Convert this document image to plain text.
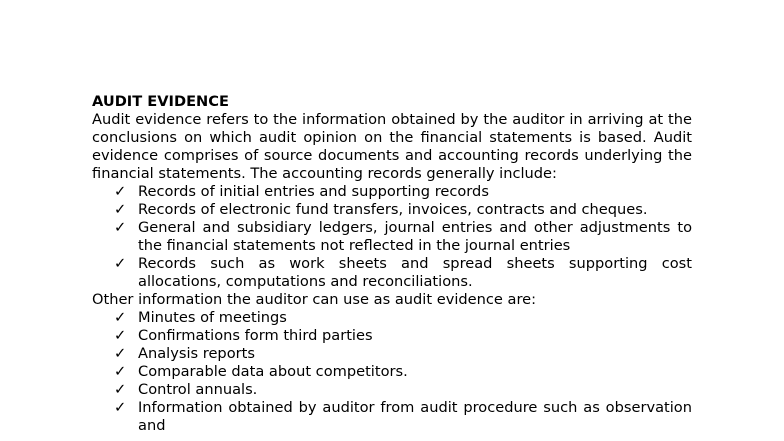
AUDIT EVIDENCE

Audit evidence refers to the information obtained by the auditor in arriving at the conclusions on which audit opinion on the financial statements is based. Audit evidence comprises of source documents and accounting records underlying the financial statements. The accounting records generally include:

✓ Records of initial entries and supporting records
✓ Records of electronic fund transfers, invoices, contracts and cheques.
✓ General and subsidiary ledgers, journal entries and other adjustments to the financial statements not reflected in the journal entries
✓ Records such as work sheets and spread sheets supporting cost allocations, computations and reconciliations.

Other information the auditor can use as audit evidence are:

✓ Minutes of meetings
✓ Confirmations form third parties
✓ Analysis reports
✓ Comparable data about competitors.
✓ Control annuals.
✓ Information obtained by auditor from audit procedure such as observation and
